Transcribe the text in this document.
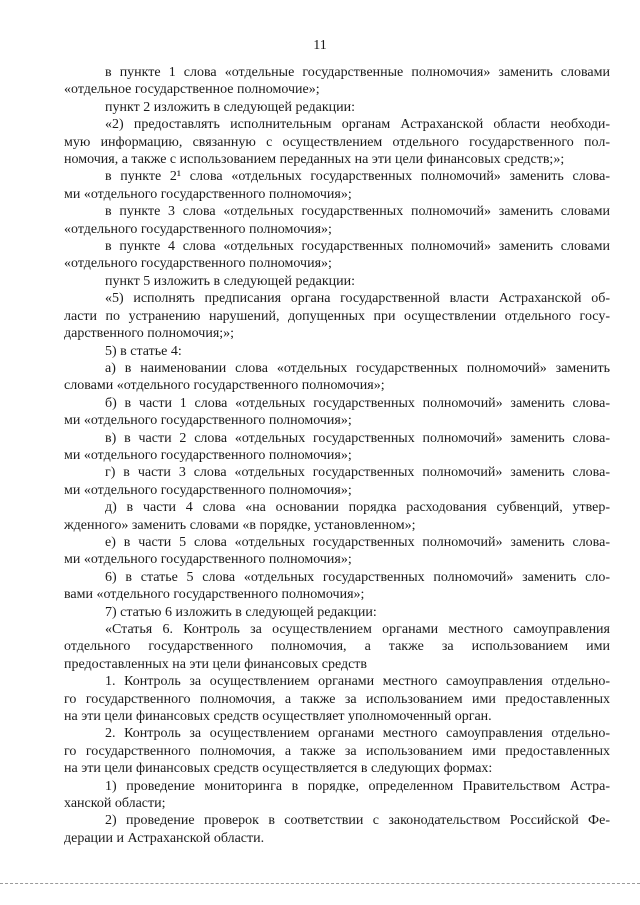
11
в пункте 1 слова «отдельные государственные полномочия» заменить словами
«отдельное государственное полномочие»;
пункт 2 изложить в следующей редакции:
«2) предоставлять исполнительным органам Астраханской области необходи-
мую информацию, связанную с осуществлением отдельного государственного пол-
номочия, а также с использованием переданных на эти цели финансовых средств;»;
в пункте 2¹ слова «отдельных государственных полномочий» заменить слова-
ми «отдельного государственного полномочия»;
в пункте 3 слова «отдельных государственных полномочий» заменить словами
«отдельного государственного полномочия»;
в пункте 4 слова «отдельных государственных полномочий» заменить словами
«отдельного государственного полномочия»;
пункт 5 изложить в следующей редакции:
«5) исполнять предписания органа государственной власти Астраханской об-
ласти по устранению нарушений, допущенных при осуществлении отдельного госу-
дарственного полномочия;»;
5) в статье 4:
а) в наименовании слова «отдельных государственных полномочий» заменить
словами «отдельного государственного полномочия»;
б) в части 1 слова «отдельных государственных полномочий» заменить слова-
ми «отдельного государственного полномочия»;
в) в части 2 слова «отдельных государственных полномочий» заменить слова-
ми «отдельного государственного полномочия»;
г) в части 3 слова «отдельных государственных полномочий» заменить слова-
ми «отдельного государственного полномочия»;
д) в части 4 слова «на основании порядка расходования субвенций, утвер-
жденного» заменить словами «в порядке, установленном»;
е) в части 5 слова «отдельных государственных полномочий» заменить слова-
ми «отдельного государственного полномочия»;
6) в статье 5 слова «отдельных государственных полномочий» заменить сло-
вами «отдельного государственного полномочия»;
7) статью 6 изложить в следующей редакции:
«Статья 6. Контроль за осуществлением органами местного самоуправления
отдельного государственного полномочия, а также за использованием ими
предоставленных на эти цели финансовых средств
1. Контроль за осуществлением органами местного самоуправления отдельно-
го государственного полномочия, а также за использованием ими предоставленных
на эти цели финансовых средств осуществляет уполномоченный орган.
2. Контроль за осуществлением органами местного самоуправления отдельно-
го государственного полномочия, а также за использованием ими предоставленных
на эти цели финансовых средств осуществляется в следующих формах:
1) проведение мониторинга в порядке, определенном Правительством Астра-
ханской области;
2) проведение проверок в соответствии с законодательством Российской Фе-
дерации и Астраханской области.
